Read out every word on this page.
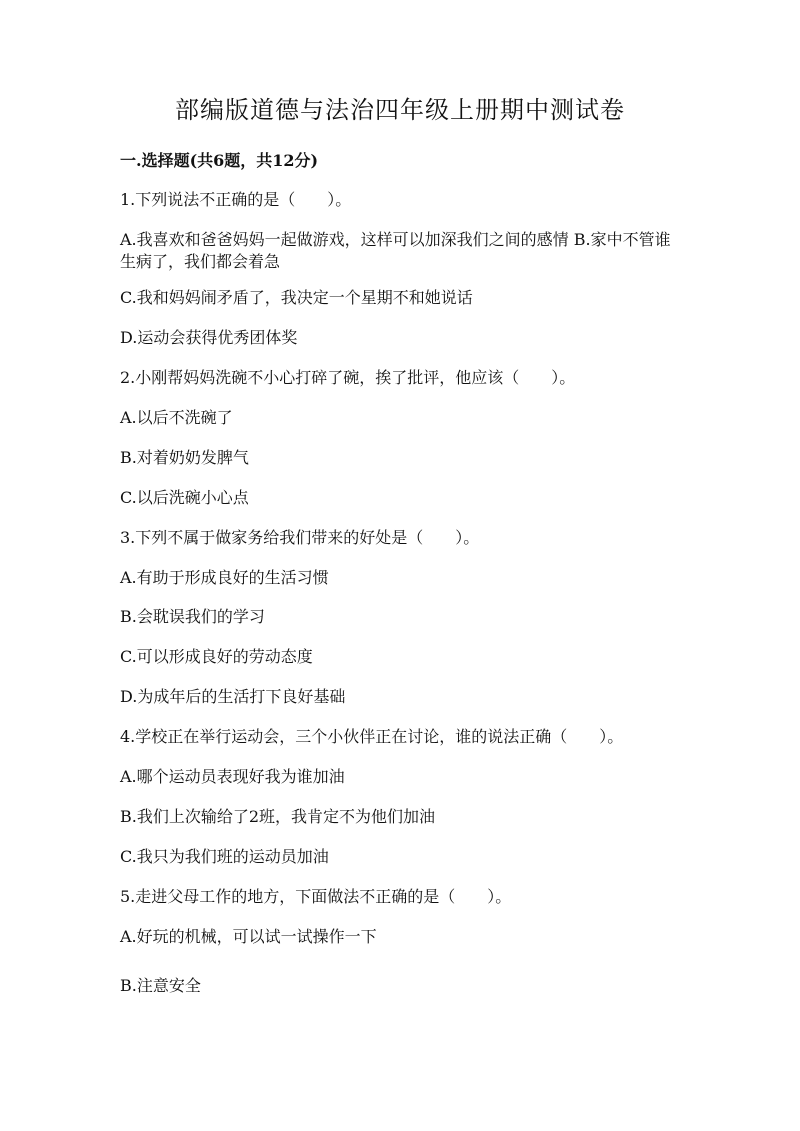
部编版道德与法治四年级上册期中测试卷
一.选择题(共6题，共12分)
1.下列说法不正确的是（　　）。
A.我喜欢和爸爸妈妈一起做游戏，这样可以加深我们之间的感情 B.家中不管谁生病了，我们都会着急
C.我和妈妈闹矛盾了，我决定一个星期不和她说话
D.运动会获得优秀团体奖
2.小刚帮妈妈洗碗不小心打碎了碗，挨了批评，他应该（　　）。
A.以后不洗碗了
B.对着奶奶发脾气
C.以后洗碗小心点
3.下列不属于做家务给我们带来的好处是（　　）。
A.有助于形成良好的生活习惯
B.会耽误我们的学习
C.可以形成良好的劳动态度
D.为成年后的生活打下良好基础
4.学校正在举行运动会，三个小伙伴正在讨论，谁的说法正确（　　）。
A.哪个运动员表现好我为谁加油
B.我们上次输给了2班，我肯定不为他们加油
C.我只为我们班的运动员加油
5.走进父母工作的地方，下面做法不正确的是（　　）。
A.好玩的机械，可以试一试操作一下
B.注意安全
